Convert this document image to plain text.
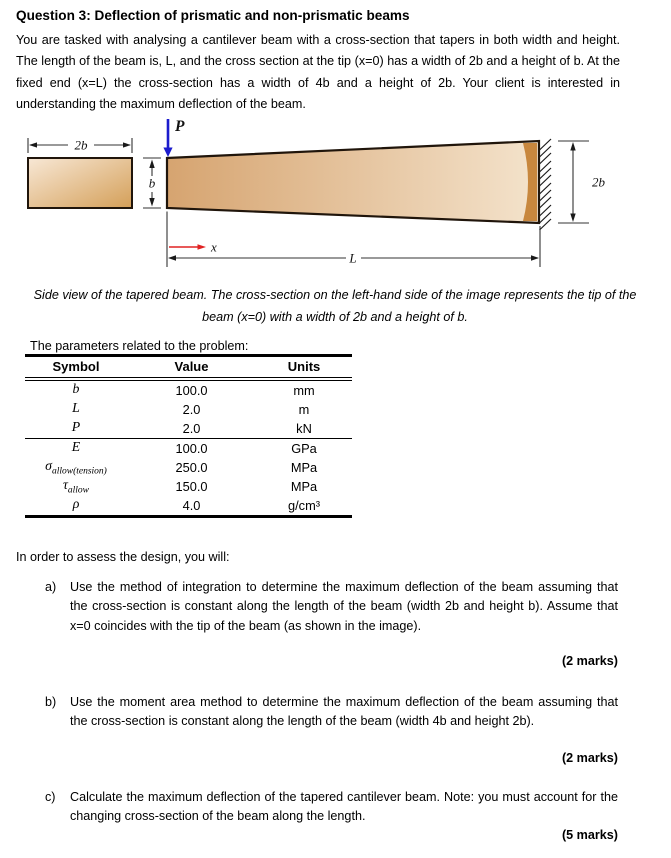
Question 3: Deflection of prismatic and non-prismatic beams

You are tasked with analysing a cantilever beam with a cross-section that tapers in both width and height. The length of the beam is, L, and the cross section at the tip (x=0) has a width of 2b and a height of b. At the fixed end (x=L) the cross-section has a width of 4b and a height of 2b. Your client is interested in understanding the maximum deflection of the beam.

2b
b
P
2b
x
L

Side view of the tapered beam. The cross-section on the left-hand side of the image represents the tip of the beam (x=0) with a width of 2b and a height of b.

The parameters related to the problem:

Symbol	Value	Units
b	100.0	mm
L	2.0	m
P	2.0	kN
E	100.0	GPa
$\sigma_{allow(tension)}$	250.0	MPa
$\tau_{allow}$	150.0	MPa
ρ	4.0	g/cm³

In order to assess the design, you will:

a) Use the method of integration to determine the maximum deflection of the beam assuming that the cross-section is constant along the length of the beam (width 2b and height b). Assume that x=0 coincides with the tip of the beam (as shown in the image).

(2 marks)

b) Use the moment area method to determine the maximum deflection of the beam assuming that the cross-section is constant along the length of the beam (width 4b and height 2b).

(2 marks)

c) Calculate the maximum deflection of the tapered cantilever beam. Note: you must account for the changing cross-section of the beam along the length.

(5 marks)
